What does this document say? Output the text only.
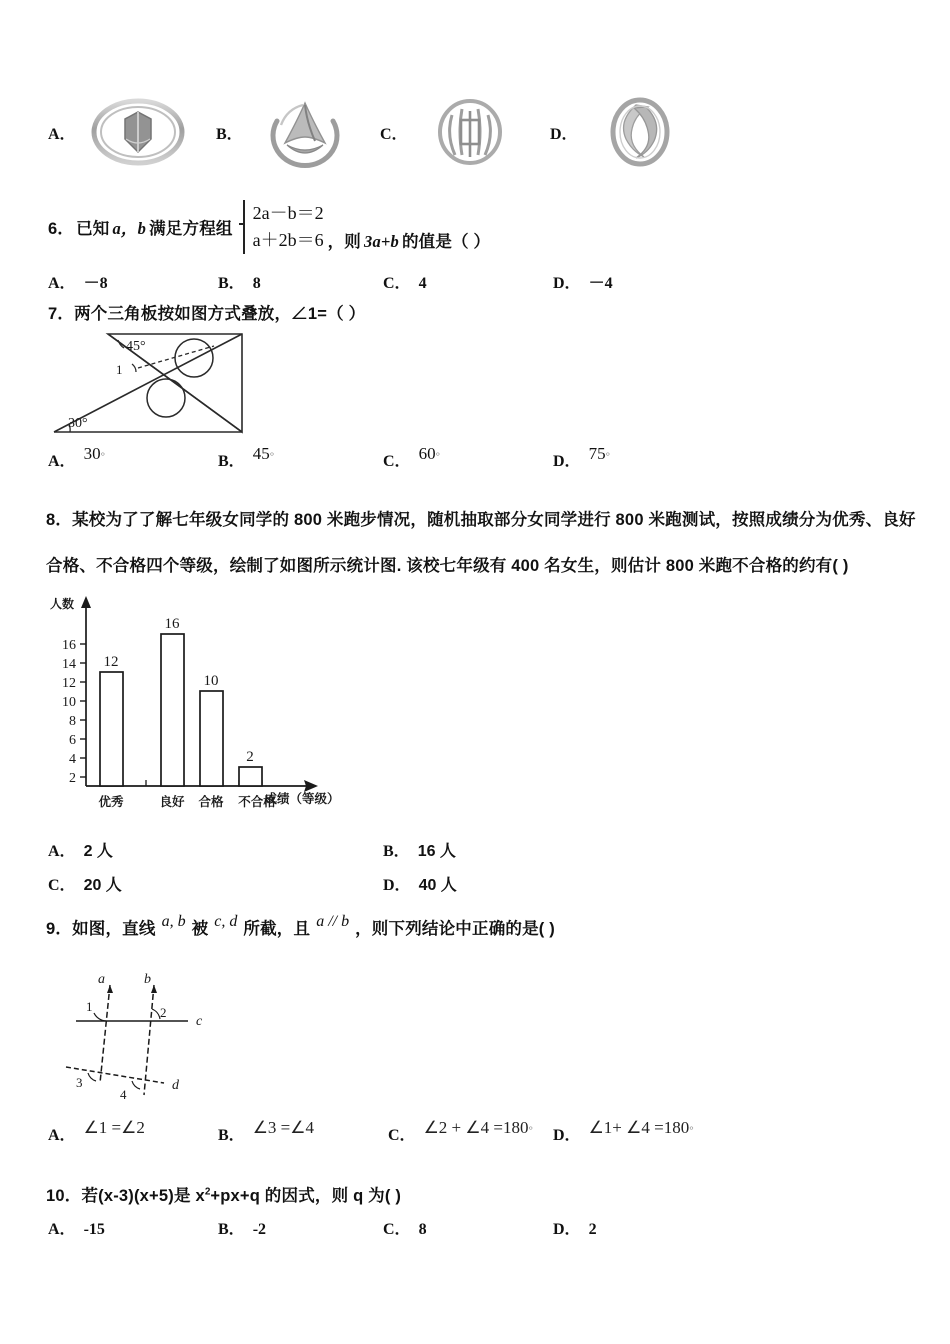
A．	B．	C．	D．
6． 已知 a，b 满足方程组
2a－b＝2
a＋2b＝6 ，则 3a+b 的值是（ ）
A． －8	B． 8	C． 4	D． －4
7．两个三角板按如图方式叠放，∠1=（ ）
45°
30°
1
A． 30°	B． 45°	C． 60°	D． 75°
8．某校为了了解七年级女同学的 800 米跑步情况，随机抽取部分女同学进行 800 米跑测试，按照成绩分为优秀、良好
合格、不合格四个等级，绘制了如图所示统计图. 该校七年级有 400 名女生，则估计 800 米跑不合格的约有( )
2
4
6
8
10
12
14
16
人数
12
16
10
2
优秀	良好 合格 不合格
成绩（等级）
A． 2 人	B． 16 人
C． 20 人	D． 40 人
9．如图，直线 a, b 被 c, d 所截，且 a // b ，则下列结论中正确的是( )
a	b
c
d
1	2
3
4
A． ∠1 =∠2	B． ∠3 =∠4	C． ∠2 + ∠4 =180° D． ∠1+ ∠4 =180°
10．若(x-3)(x+5)是 $x^2+px+q$ 的因式，则 q 为( )
A． -15	B． -2	C． 8	D． 2
